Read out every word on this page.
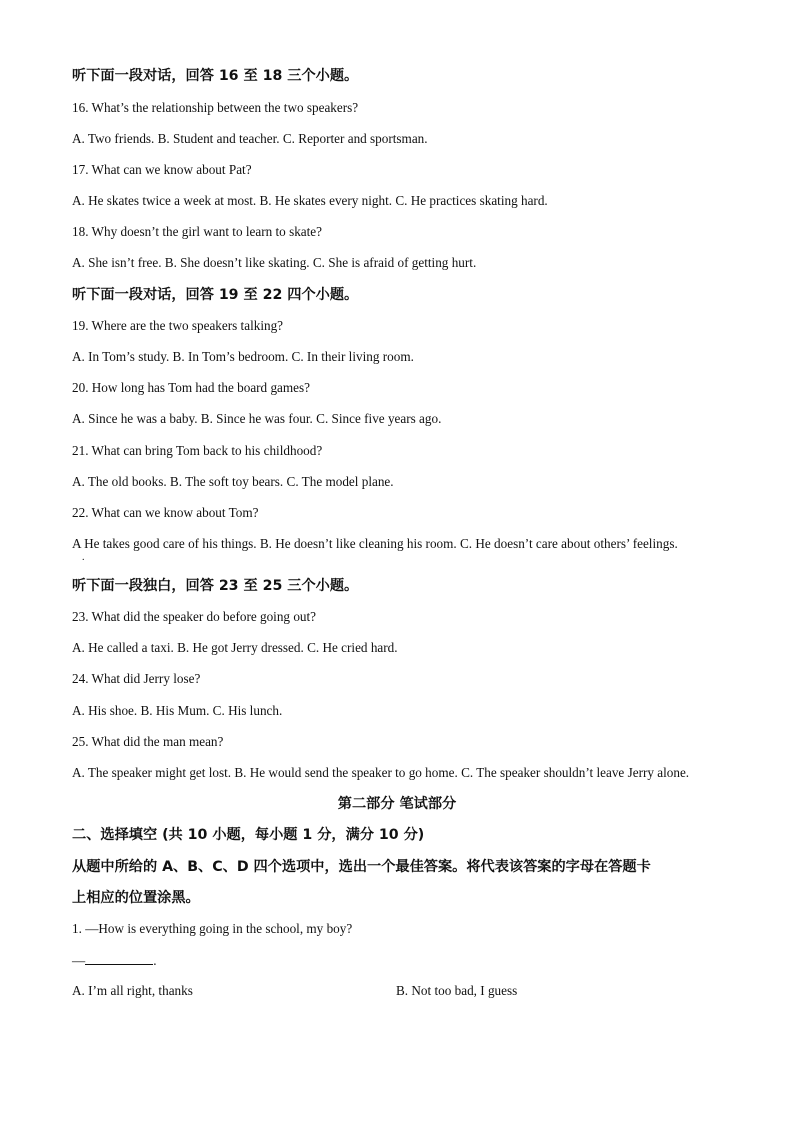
听下面一段对话，回答 16 至 18 三个小题。
16. What’s the relationship between the two speakers?
A. Two friends. B. Student and teacher. C. Reporter and sportsman.
17. What can we know about Pat?
A. He skates twice a week at most. B. He skates every night. C. He practices skating hard.
18. Why doesn’t the girl want to learn to skate?
A. She isn’t free. B. She doesn’t like skating. C. She is afraid of getting hurt.
听下面一段对话，回答 19 至 22 四个小题。
19. Where are the two speakers talking?
A. In Tom’s study. B. In Tom’s bedroom. C. In their living room.
20. How long has Tom had the board games?
A. Since he was a baby. B. Since he was four. C. Since five years ago.
21. What can bring Tom back to his childhood?
A. The old books. B. The soft toy bears. C. The model plane.
22. What can we know about Tom?
A He takes good care of his things. B. He doesn’t like cleaning his room. C. He doesn’t care about others’ feelings.
.
听下面一段独白，回答 23 至 25 三个小题。
23. What did the speaker do before going out?
A. He called a taxi. B. He got Jerry dressed. C. He cried hard.
24. What did Jerry lose?
A. His shoe. B. His Mum. C. His lunch.
25. What did the man mean?
A. The speaker might get lost. B. He would send the speaker to go home. C. The speaker shouldn’t leave Jerry alone.
第二部分 笔试部分
二、选择填空 (共 10 小题，每小题 1 分，满分 10 分)
从题中所给的 A、B、C、D 四个选项中，选出一个最佳答案。将代表该答案的字母在答题卡
上相应的位置涂黑。
1. —How is everything going in the school, my boy?
—	.
A. I’m all right, thanks	B. Not too bad, I guess
